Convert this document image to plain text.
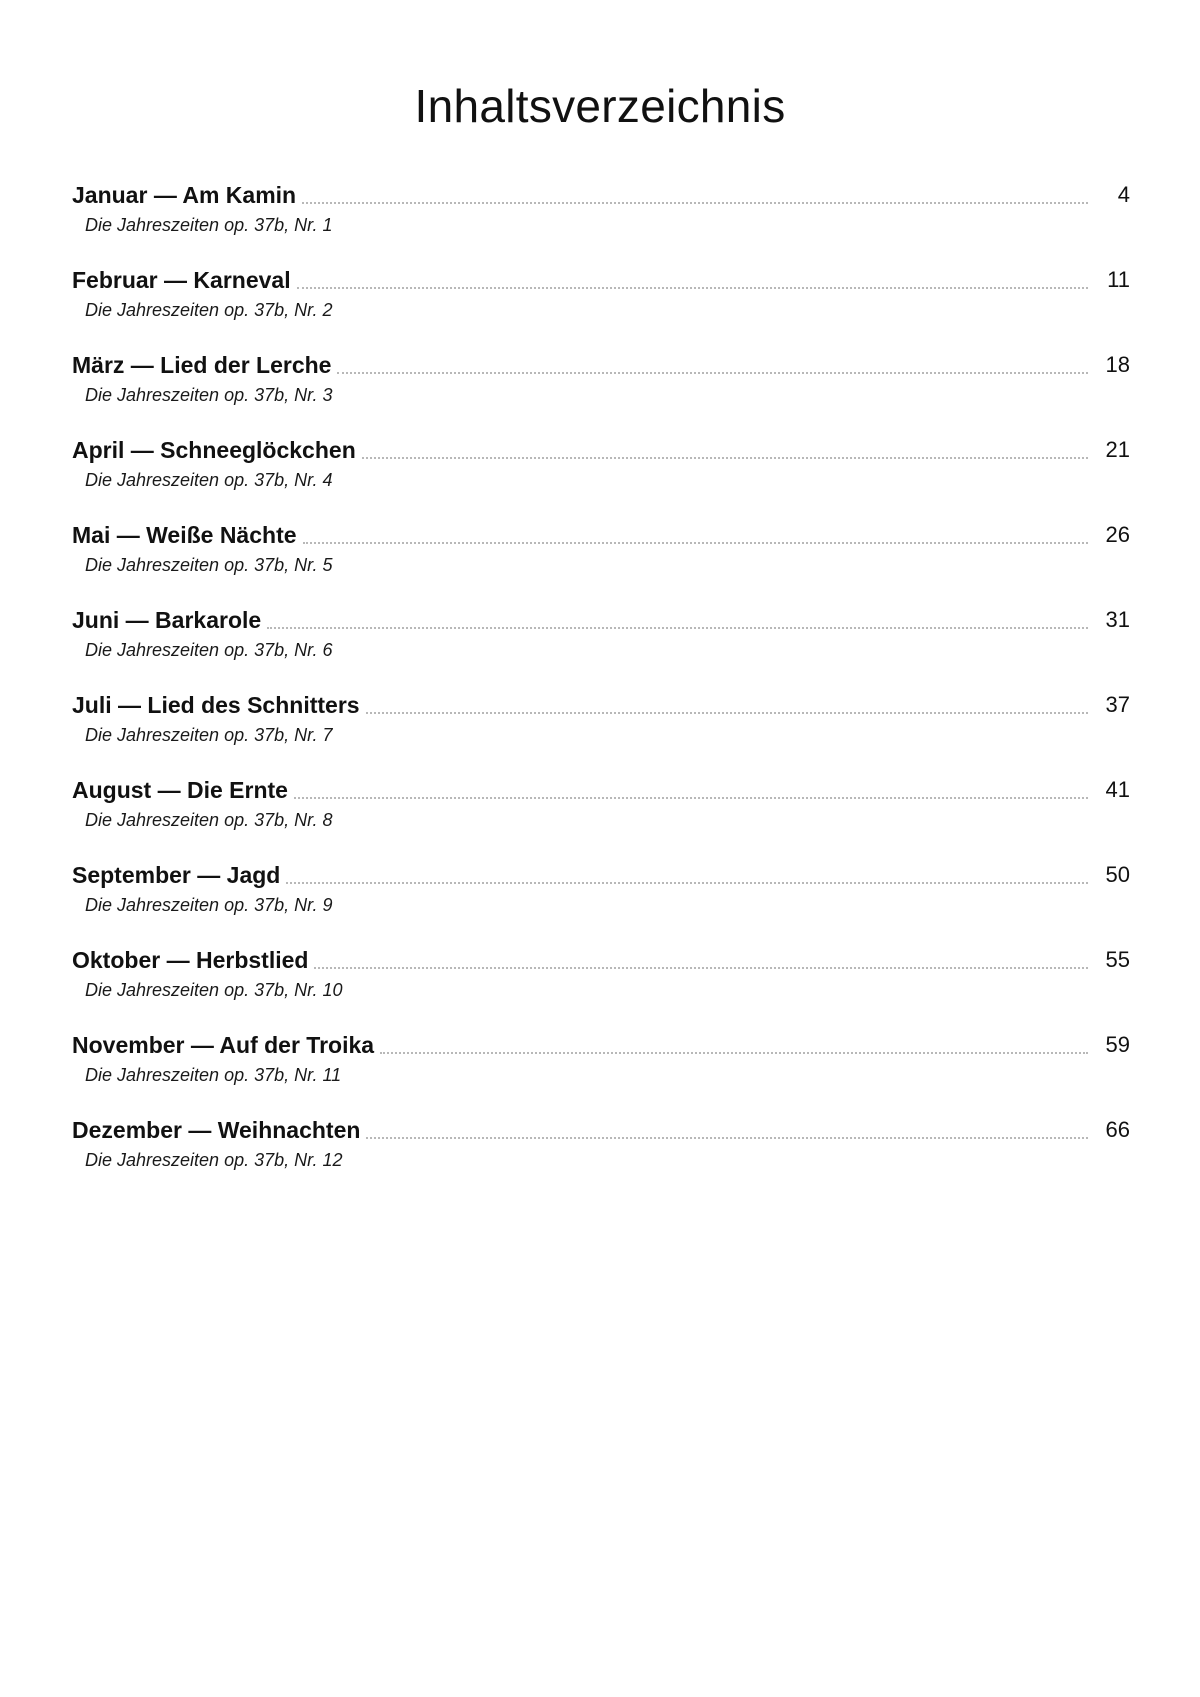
Inhaltsverzeichnis
Januar — Am Kamin	4
Die Jahreszeiten op. 37b, Nr. 1
Februar — Karneval	11
Die Jahreszeiten op. 37b, Nr. 2
März — Lied der Lerche	18
Die Jahreszeiten op. 37b, Nr. 3
April — Schneeglöckchen	21
Die Jahreszeiten op. 37b, Nr. 4
Mai — Weiße Nächte	26
Die Jahreszeiten op. 37b, Nr. 5
Juni — Barkarole	31
Die Jahreszeiten op. 37b, Nr. 6
Juli — Lied des Schnitters	37
Die Jahreszeiten op. 37b, Nr. 7
August — Die Ernte	41
Die Jahreszeiten op. 37b, Nr. 8
September — Jagd	50
Die Jahreszeiten op. 37b, Nr. 9
Oktober — Herbstlied	55
Die Jahreszeiten op. 37b, Nr. 10
November — Auf der Troika	59
Die Jahreszeiten op. 37b, Nr. 11
Dezember — Weihnachten	66
Die Jahreszeiten op. 37b, Nr. 12
